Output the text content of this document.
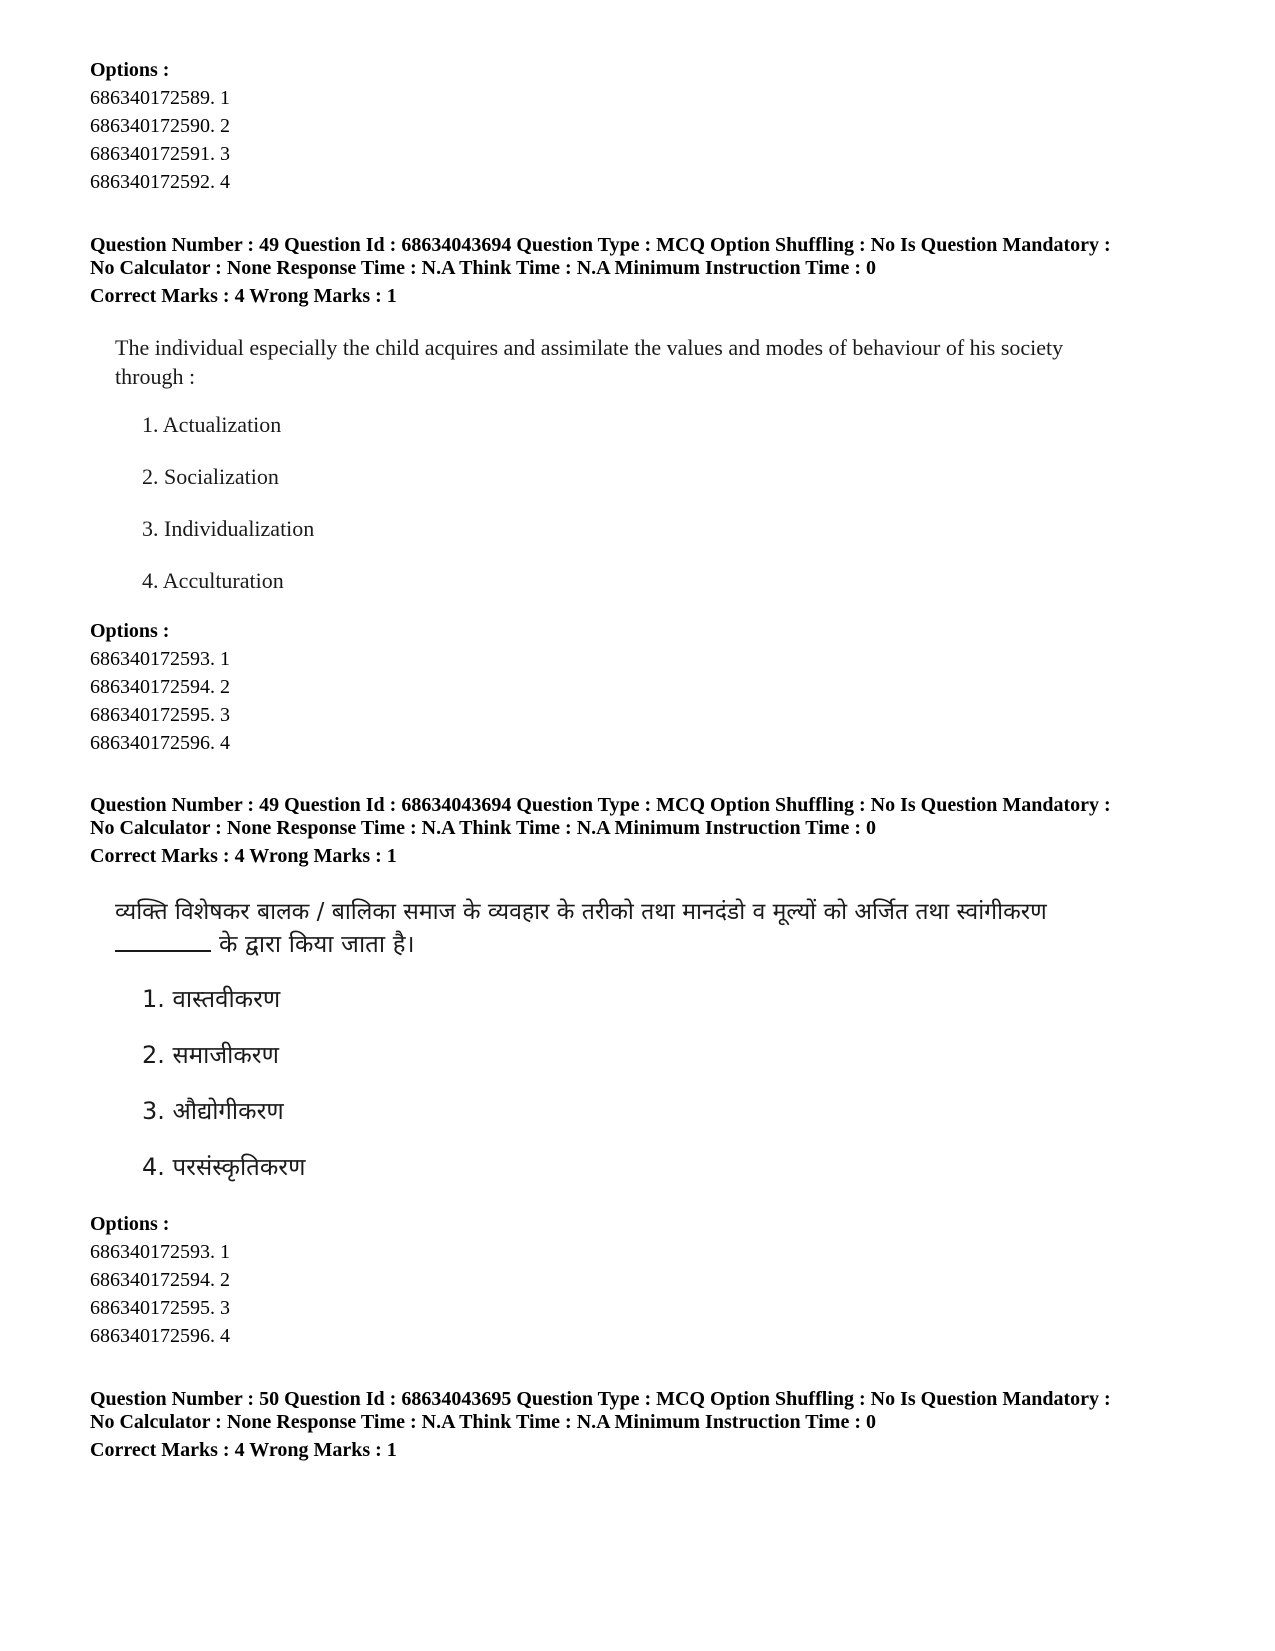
Options :
686340172589. 1
686340172590. 2
686340172591. 3
686340172592. 4
Question Number : 49 Question Id : 68634043694 Question Type : MCQ Option Shuffling : No Is Question Mandatory :
No Calculator : None Response Time : N.A Think Time : N.A Minimum Instruction Time : 0
Correct Marks : 4 Wrong Marks : 1
The individual especially the child acquires and assimilate the values and modes of behaviour of his society through :
1. Actualization
2. Socialization
3. Individualization
4. Acculturation
Options :
686340172593. 1
686340172594. 2
686340172595. 3
686340172596. 4
Question Number : 49 Question Id : 68634043694 Question Type : MCQ Option Shuffling : No Is Question Mandatory :
No Calculator : None Response Time : N.A Think Time : N.A Minimum Instruction Time : 0
Correct Marks : 4 Wrong Marks : 1
व्यक्ति विशेषकर बालक / बालिका समाज के व्यवहार के तरीको तथा मानदंडो व मूल्यों को अर्जित तथा स्वांगीकरण
के द्वारा किया जाता है।
1. वास्तवीकरण
2. समाजीकरण
3. औद्योगीकरण
4. परसंस्कृतिकरण
Options :
686340172593. 1
686340172594. 2
686340172595. 3
686340172596. 4
Question Number : 50 Question Id : 68634043695 Question Type : MCQ Option Shuffling : No Is Question Mandatory :
No Calculator : None Response Time : N.A Think Time : N.A Minimum Instruction Time : 0
Correct Marks : 4 Wrong Marks : 1
